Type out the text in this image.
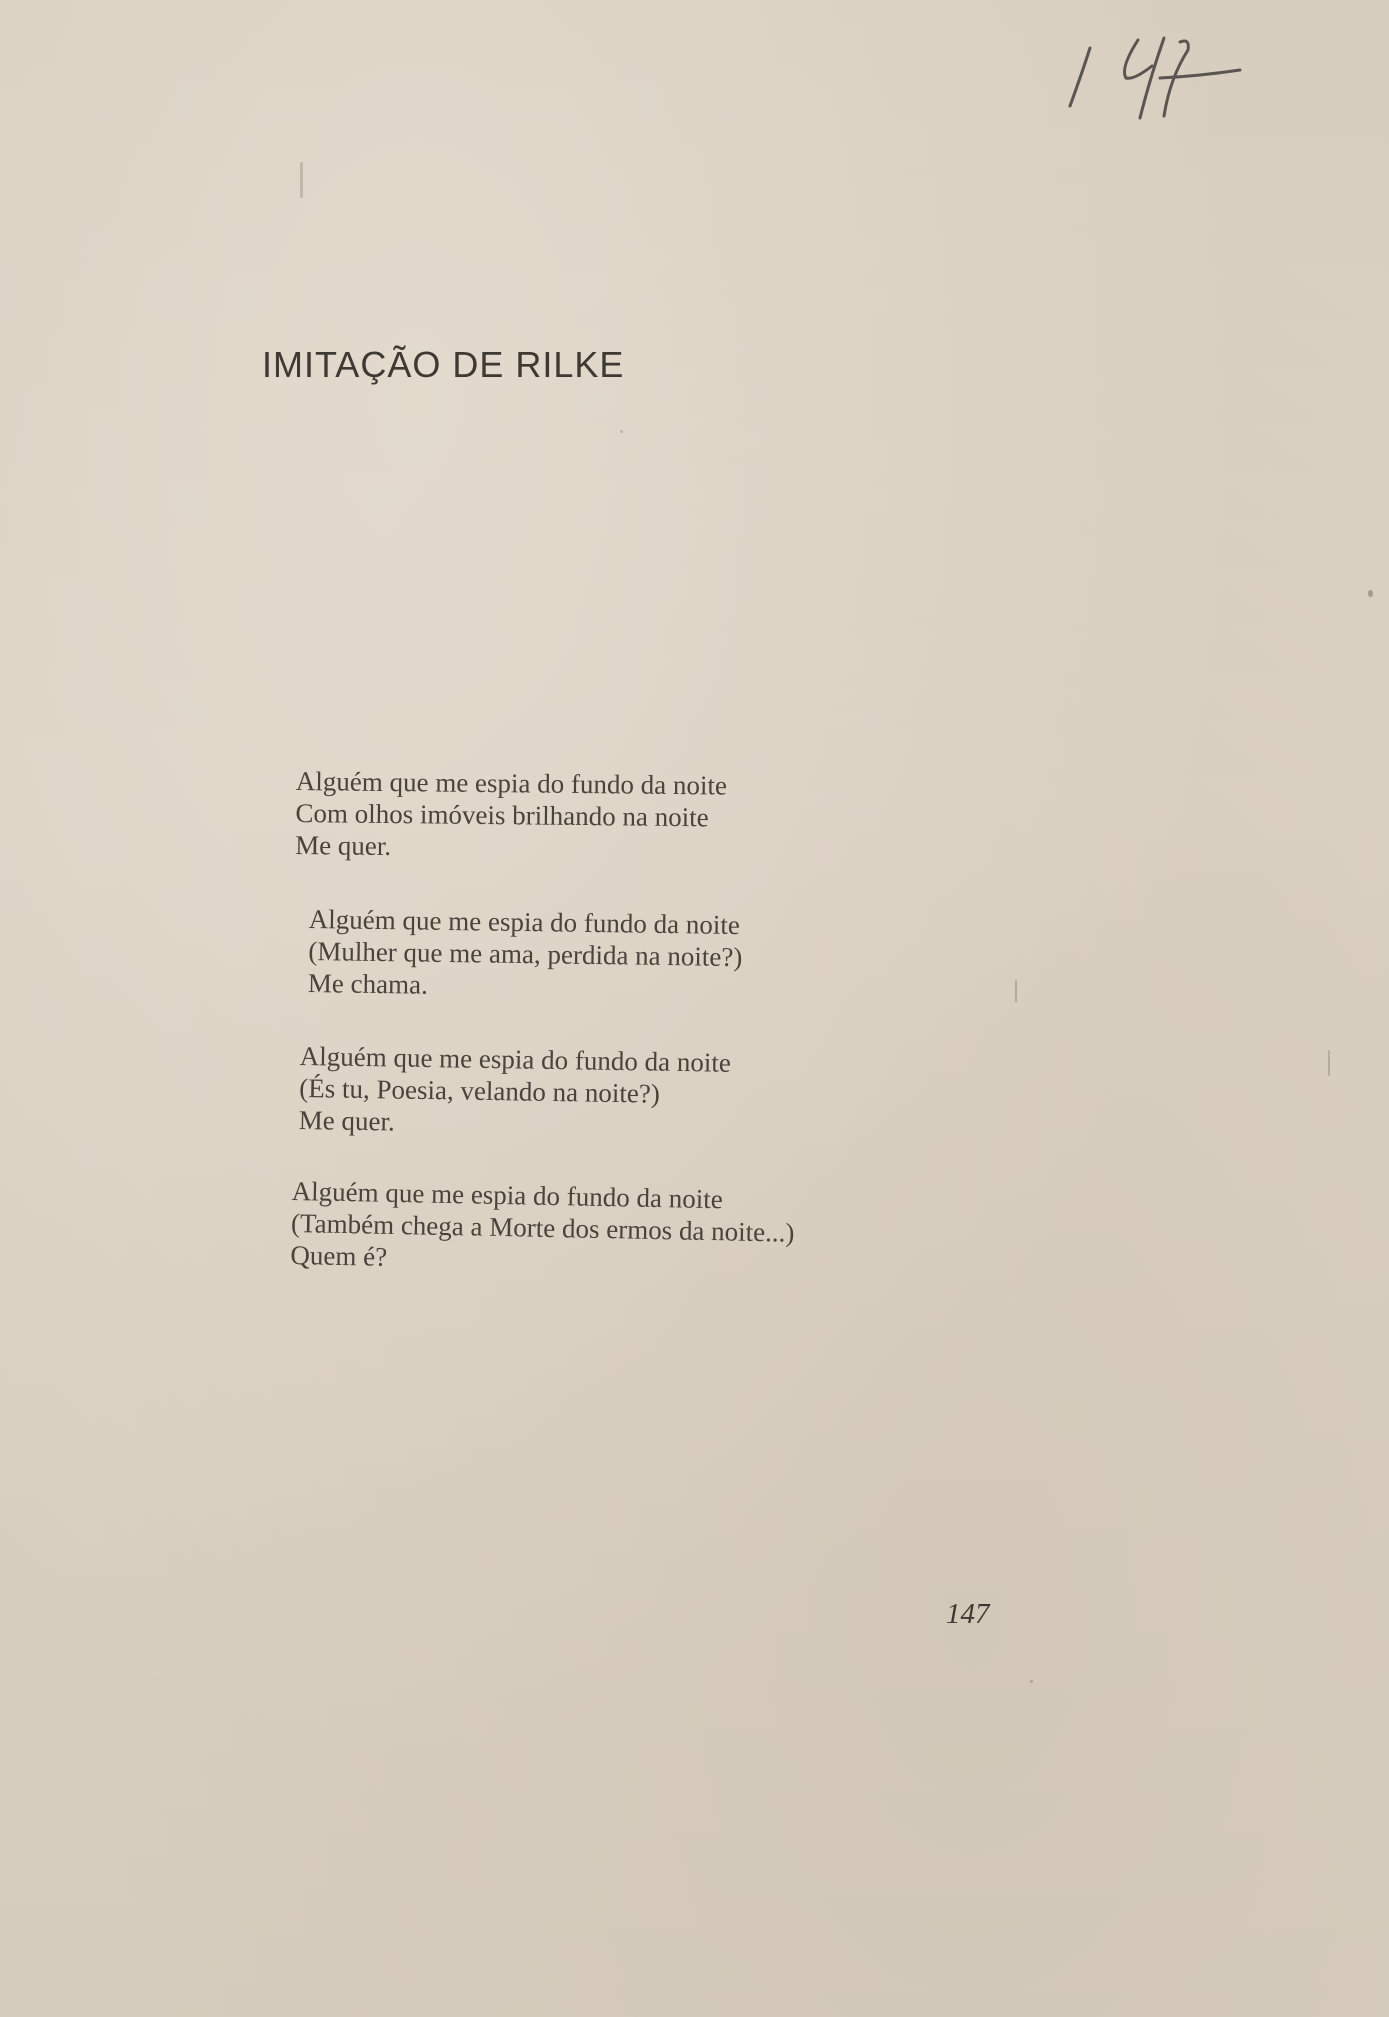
IMITAÇÃO DE RILKE
Alguém que me espia do fundo da noite
Com olhos imóveis brilhando na noite
Me quer.
Alguém que me espia do fundo da noite
(Mulher que me ama, perdida na noite?)
Me chama.
Alguém que me espia do fundo da noite
(És tu, Poesia, velando na noite?)
Me quer.
Alguém que me espia do fundo da noite
(Também chega a Morte dos ermos da noite...)
Quem é?

147
